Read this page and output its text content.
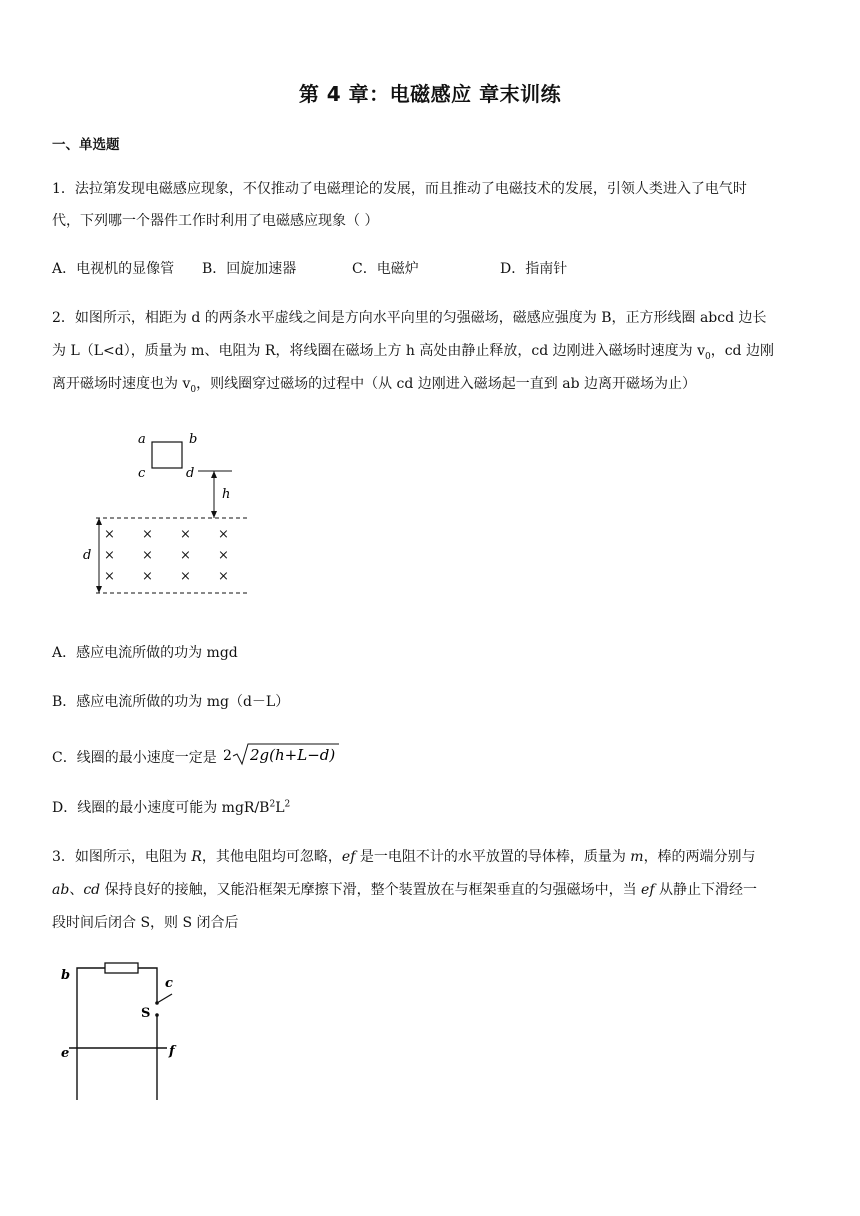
第 4 章：电磁感应 章末训练
一、单选题
1．法拉第发现电磁感应现象，不仅推动了电磁理论的发展，而且推动了电磁技术的发展，引领人类进入了电气时
代，下列哪一个器件工作时利用了电磁感应现象（ ）
A．电视机的显像管 B．回旋加速器	C．电磁炉	D．指南针
2．如图所示，相距为 d 的两条水平虚线之间是方向水平向里的匀强磁场，磁感应强度为 B，正方形线圈 abcd 边长
为 L（L<d），质量为 m、电阻为 R，将线圈在磁场上方 h 高处由静止释放，cd 边刚进入磁场时速度为 $v_0$，cd 边刚
离开磁场时速度也为 $v_0$，则线圈穿过磁场的过程中（从 cd 边刚进入磁场起一直到 ab 边离开磁场为止）
a	b
c	d
h
d
× × × ×
× × × ×
× × × ×
A．感应电流所做的功为 mgd
B．感应电流所做的功为 mg（d－L）
C．线圈的最小速度一定是 2 2g(h+L−d)
D．线圈的最小速度可能为 mgR/$B^2L^2$
3．如图所示，电阻为 R，其他电阻均可忽略，ef 是一电阻不计的水平放置的导体棒，质量为 m，棒的两端分别与
ab、cd 保持良好的接触，又能沿框架无摩擦下滑，整个装置放在与框架垂直的匀强磁场中，当 ef 从静止下滑经一
段时间后闭合 S，则 S 闭合后
b
c
S
e	f
